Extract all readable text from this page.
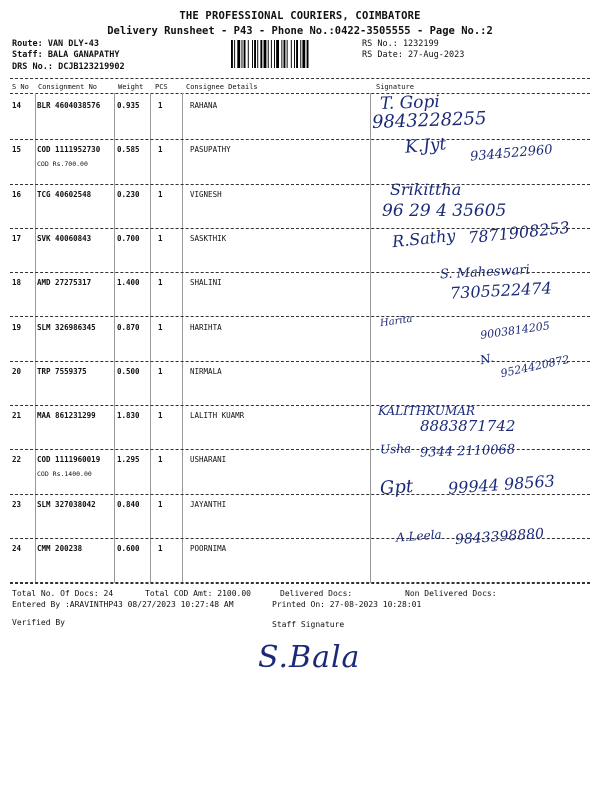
THE PROFESSIONAL COURIERS, COIMBATORE
Delivery Runsheet - P43 - Phone No.:0422-3505555 - Page No.:2
Route: VAN DLY-43
Staff: BALA GANAPATHY
DRS No.: DCJB123219902
RS No.: 1232199
RS Date: 27-Aug-2023
S No Consignment No	Weight PCS	Consignee Details	Signature
14 BLR 4604038576 0.935 1	RAHANA	T. Gopi
9843228255
15 COD 1111952730 0.585 1	PASUPATHY
COD Rs.700.00
K.Jyt 9344522960
16 TCG 40602548	0.230 1	VIGNESH	Srikittha
96 29 4 35605
17 SVK 40060843	0.700 1	SASKTHIK	R.Sathy 7871908253
18 AMD 27275317	1.400 1	SHALINI
S. Maheswari
7305522474
19 SLM 326986345	0.870 1	HARIHTA	Harita	9003814205
20 TRP 7559375	0.500 1	NIRMALA
N. 9524420872
21 MAA 861231299	1.830 1	LALITH KUAMR	KALITHKUMAR
8883871742
22 COD 1111960019 1.295 1	USHARANI
COD Rs.1400.00
Usha 9344 2110068
23 SLM 327038042	0.840 1	JAYANTHI
Gpt 99944 98563
24 CMM 200238	0.600 1	POORNIMA
A.Leela 9843398880
Total No. Of Docs: 24	Total COD Amt: 2100.00	Delivered Docs:	Non Delivered Docs:
Entered By :ARAVINTHP43 08/27/2023 10:27:48 AM	Printed On: 27-08-2023 10:28:01
Verified By	Staff Signature
S.Bala
